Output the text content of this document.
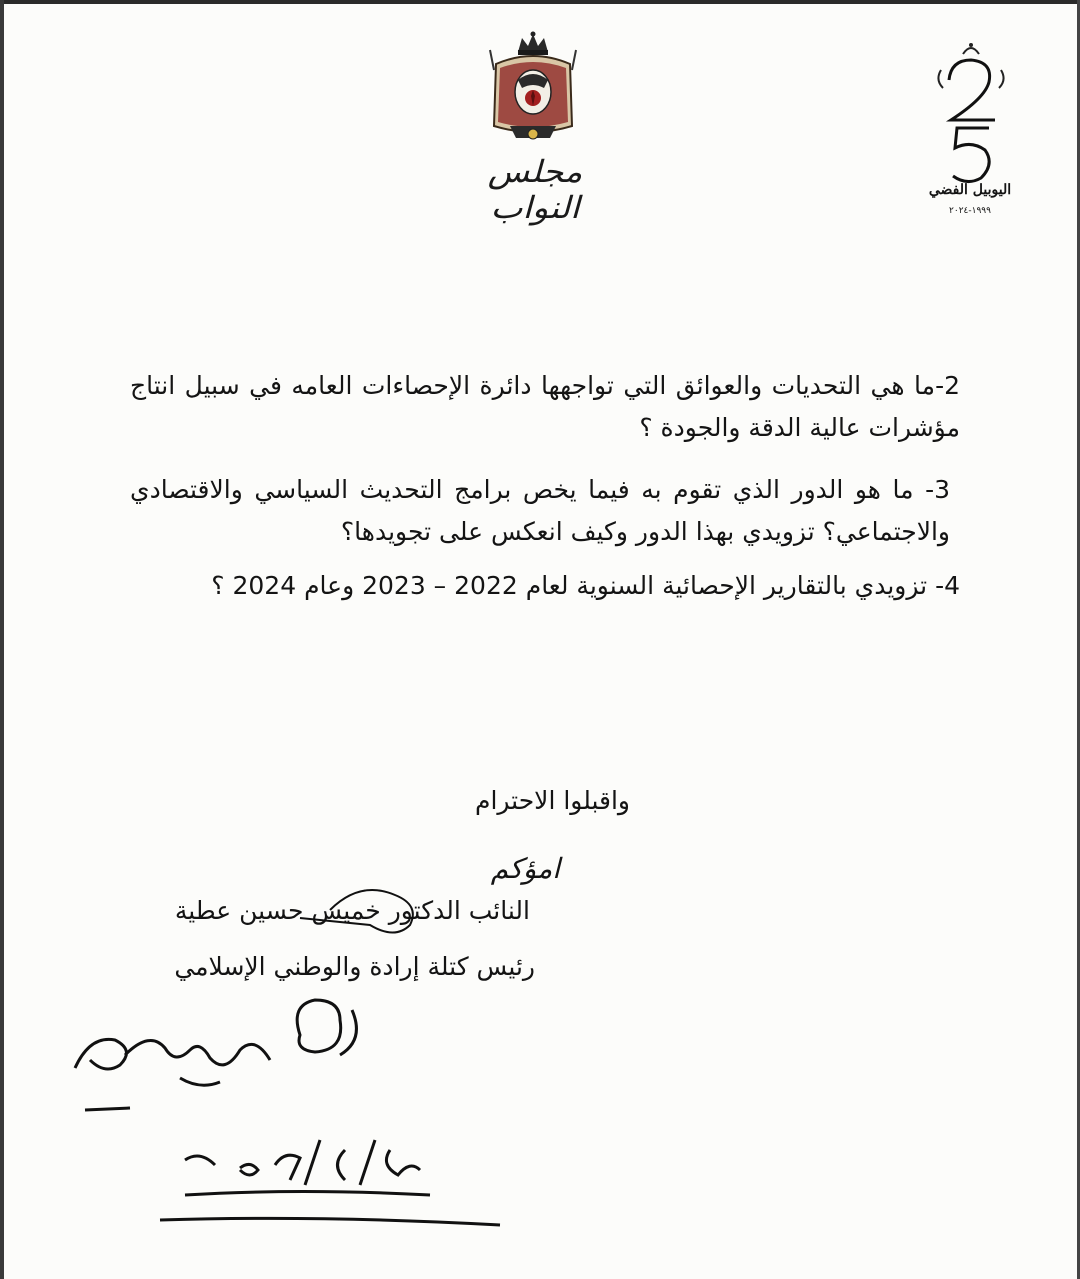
مجلس النواب	اليوبيل الفضي
١٩٩٩-٢٠٢٤

2-ما هي التحديات والعوائق التي تواجهها دائرة الإحصاءات العامه في سبيل انتاج مؤشرات عالية الدقة والجودة ؟

3- ما هو الدور الذي تقوم به فيما يخص برامج التحديث السياسي والاقتصادي والاجتماعي؟ تزويدي بهذا الدور وكيف انعكس على تجويدها؟

4- تزويدي بالتقارير الإحصائية السنوية لعام 2022 – 2023 وعام 2024 ؟

واقبلوا الاحترام
امؤكم
النائب الدكتور خميس حسين عطية
رئيس كتلة إرادة والوطني الإسلامي
